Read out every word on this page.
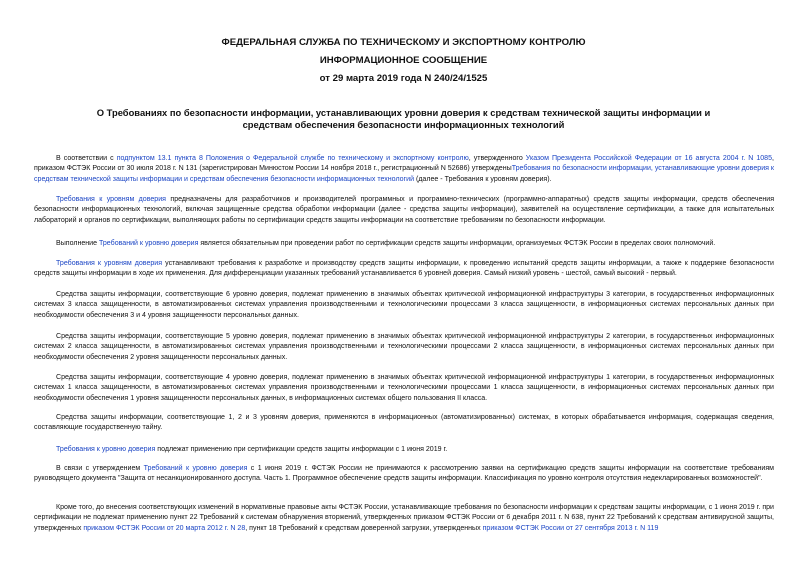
ФЕДЕРАЛЬНАЯ СЛУЖБА ПО ТЕХНИЧЕСКОМУ И ЭКСПОРТНОМУ КОНТРОЛЮ
ИНФОРМАЦИОННОЕ СООБЩЕНИЕ
от 29 марта 2019 года N 240/24/1525
О Требованиях по безопасности информации, устанавливающих уровни доверия к средствам технической защиты информации и средствам обеспечения безопасности информационных технологий
В соответствии с подпунктом 13.1 пункта 8 Положения о Федеральной службе по техническому и экспортному контролю, утвержденного Указом Президента Российской Федерации от 16 августа 2004 г. N 1085, приказом ФСТЭК России от 30 июля 2018 г. N 131 (зарегистрирован Минюстом России 14 ноября 2018 г., регистрационный N 52686) утвержденыТребования по безопасности информации, устанавливающие уровни доверия к средствам технической защиты информации и средствам обеспечения безопасности информационных технологий (далее - Требования к уровням доверия).
Требования к уровням доверия предназначены для разработчиков и производителей программных и программно-технических (программно-аппаратных) средств защиты информации, средств обеспечения безопасности информационных технологий, включая защищенные средства обработки информации (далее - средства защиты информации), заявителей на осуществление сертификации, а также для испытательных лабораторий и органов по сертификации, выполняющих работы по сертификации средств защиты информации на соответствие требованиям по безопасности информации.
Выполнение Требований к уровню доверия является обязательным при проведении работ по сертификации средств защиты информации, организуемых ФСТЭК России в пределах своих полномочий.
Требования к уровням доверия устанавливают требования к разработке и производству средств защиты информации, к проведению испытаний средств защиты информации, а также к поддержке безопасности средств защиты информации в ходе их применения. Для дифференциации указанных требований устанавливается 6 уровней доверия. Самый низкий уровень - шестой, самый высокий - первый.
Средства защиты информации, соответствующие 6 уровню доверия, подлежат применению в значимых объектах критической информационной инфраструктуры 3 категории, в государственных информационных системах 3 класса защищенности, в автоматизированных системах управления производственными и технологическими процессами 3 класса защищенности, в информационных системах персональных данных при необходимости обеспечения 3 и 4 уровня защищенности персональных данных.
Средства защиты информации, соответствующие 5 уровню доверия, подлежат применению в значимых объектах критической информационной инфраструктуры 2 категории, в государственных информационных системах 2 класса защищенности, в автоматизированных системах управления производственными и технологическими процессами 2 класса защищенности, в информационных системах персональных данных при необходимости обеспечения 2 уровня защищенности персональных данных.
Средства защиты информации, соответствующие 4 уровню доверия, подлежат применению в значимых объектах критической информационной инфраструктуры 1 категории, в государственных информационных системах 1 класса защищенности, в автоматизированных системах управления производственными и технологическими процессами 1 класса защищенности, в информационных системах персональных данных при необходимости обеспечения 1 уровня защищенности персональных данных, в информационных системах общего пользования II класса.
Средства защиты информации, соответствующие 1, 2 и 3 уровням доверия, применяются в информационных (автоматизированных) системах, в которых обрабатывается информация, содержащая сведения, составляющие государственную тайну.
Требования к уровню доверия подлежат применению при сертификации средств защиты информации с 1 июня 2019 г.
В связи с утверждением Требований к уровню доверия с 1 июня 2019 г. ФСТЭК России не принимаются к рассмотрению заявки на сертификацию средств защиты информации на соответствие требованиям руководящего документа "Защита от несанкционированного доступа. Часть 1. Программное обеспечение средств защиты информации. Классификация по уровню контроля отсутствия недекларированных возможностей".
Кроме того, до внесения соответствующих изменений в нормативные правовые акты ФСТЭК России, устанавливающие требования по безопасности информации к средствам защиты информации, с 1 июня 2019 г. при сертификации не подлежат применению пункт 22 Требований к системам обнаружения вторжений, утвержденных приказом ФСТЭК России от 6 декабря 2011 г. N 638, пункт 22 Требований к средствам антивирусной защиты, утвержденных приказом ФСТЭК России от 20 марта 2012 г. N 28, пункт 18 Требований к средствам доверенной загрузки, утвержденных приказом ФСТЭК России от 27 сентября 2013 г. N 119
